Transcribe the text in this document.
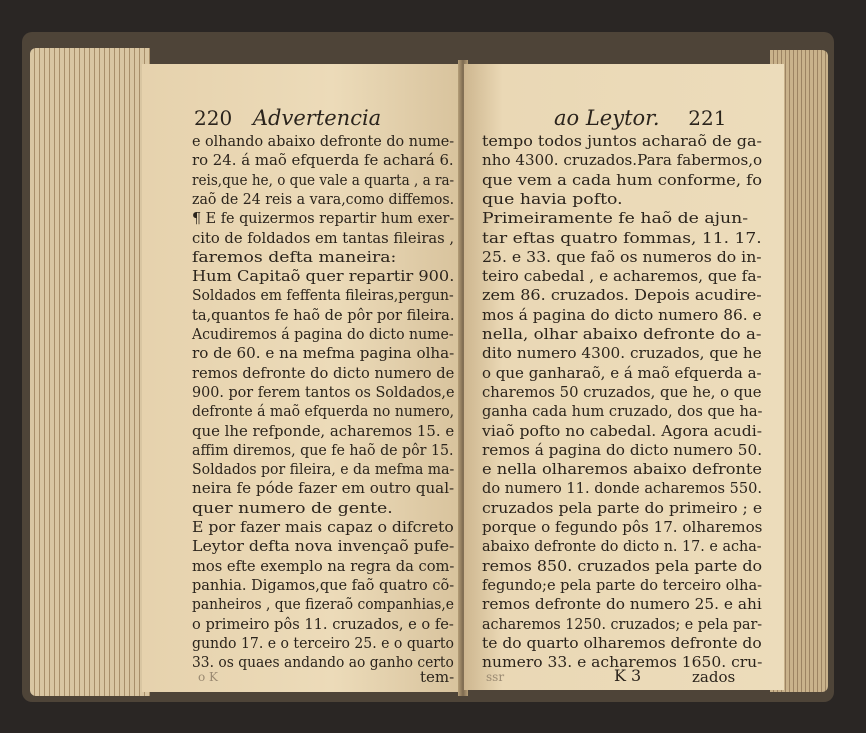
220 Advertencia
e olhando abaixo defronte do nume-
ro 24. á maõ efquerda fe achará 6.
reis,que he, o que vale a quarta , a ra-
zaõ de 24 reis a vara,como diffemos.
¶ E fe quizermos repartir hum exer-
cito de foldados em tantas fileiras ,
faremos defta maneira:
Hum Capitaõ quer repartir 900.
Soldados em feffenta fileiras,pergun-
ta,quantos fe haõ de pôr por fileira.
Acudiremos á pagina do dicto nume-
ro de 60. e na mefma pagina olha-
remos defronte do dicto numero de
900. por ferem tantos os Soldados,e
defronte á maõ efquerda no numero,
que lhe refponde, acharemos 15. e
affim diremos, que fe haõ de pôr 15.
Soldados por fileira, e da mefma ma-
neira fe póde fazer em outro qual-
quer numero de gente.
E por fazer mais capaz o difcreto
Leytor defta nova invençaõ pufe-
mos efte exemplo na regra da com-
panhia. Digamos,que faõ quatro cõ-
panheiros , que fizeraõ companhias,e
o primeiro pôs 11. cruzados, e o fe-
gundo 17. e o terceiro 25. e o quarto
33. os quaes andando ao ganho certo
tem-
o K
ao Leytor. 221
tempo todos juntos acharaõ de ga-
nho 4300. cruzados.Para fabermos,o
que vem a cada hum conforme, fo
que havia pofto.
Primeiramente fe haõ de ajun-
tar eftas quatro fommas, 11. 17.
25. e 33. que faõ os numeros do in-
teiro cabedal , e acharemos, que fa-
zem 86. cruzados. Depois acudire-
mos á pagina do dicto numero 86. e
nella, olhar abaixo defronte do a-
dito numero 4300. cruzados, que he
o que ganharaõ, e á maõ efquerda a-
charemos 50 cruzados, que he, o que
ganha cada hum cruzado, dos que ha-
viaõ pofto no cabedal. Agora acudi-
remos á pagina do dicto numero 50.
e nella olharemos abaixo defronte
do numero 11. donde acharemos 550.
cruzados pela parte do primeiro ; e
porque o fegundo pôs 17. olharemos
abaixo defronte do dicto n. 17. e acha-
remos 850. cruzados pela parte do
fegundo;e pela parte do terceiro olha-
remos defronte do numero 25. e ahi
acharemos 1250. cruzados; e pela par-
te do quarto olharemos defronte do
numero 33. e acharemos 1650. cru-
K 3	zados
ssr
